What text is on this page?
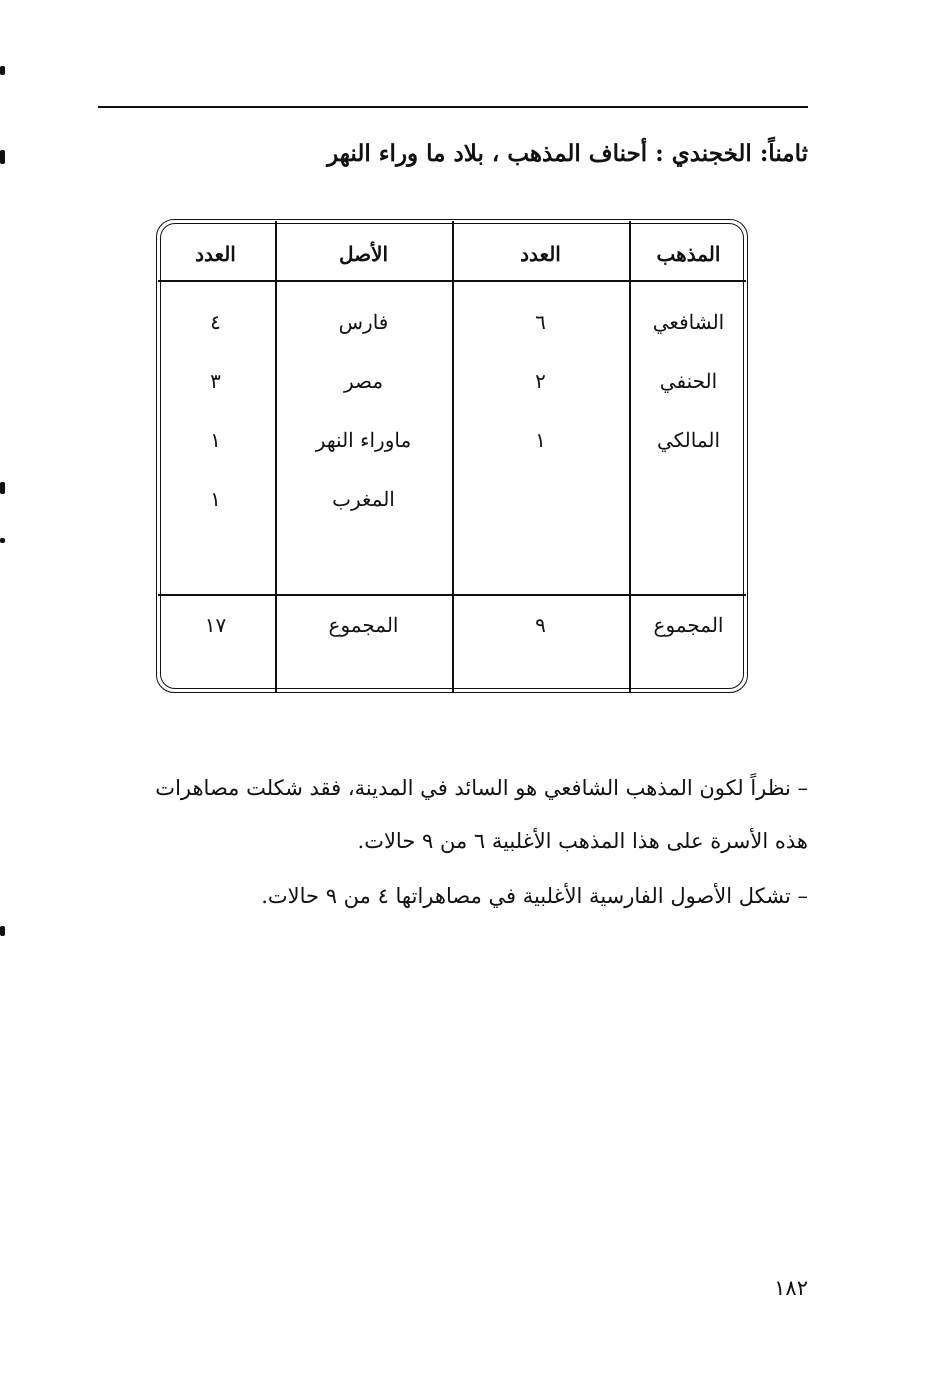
ثامناً: الخجندي : أحناف المذهب ، بلاد ما وراء النهر
المذهب
العدد
الأصل
العدد
الشافعي
٦
فارس
٤
الحنفي
٢
مصر
٣
المالكي
١
ماوراء النهر
١
المغرب
١
المجموع
٩
المجموع
١٧
– نظراً لكون المذهب الشافعي هو السائد في المدينة، فقد شكلت مصاهرات
هذه الأسرة على هذا المذهب الأغلبية ٦ من ٩ حالات.
– تشكل الأصول الفارسية الأغلبية في مصاهراتها ٤ من ٩ حالات.
١٨٢
